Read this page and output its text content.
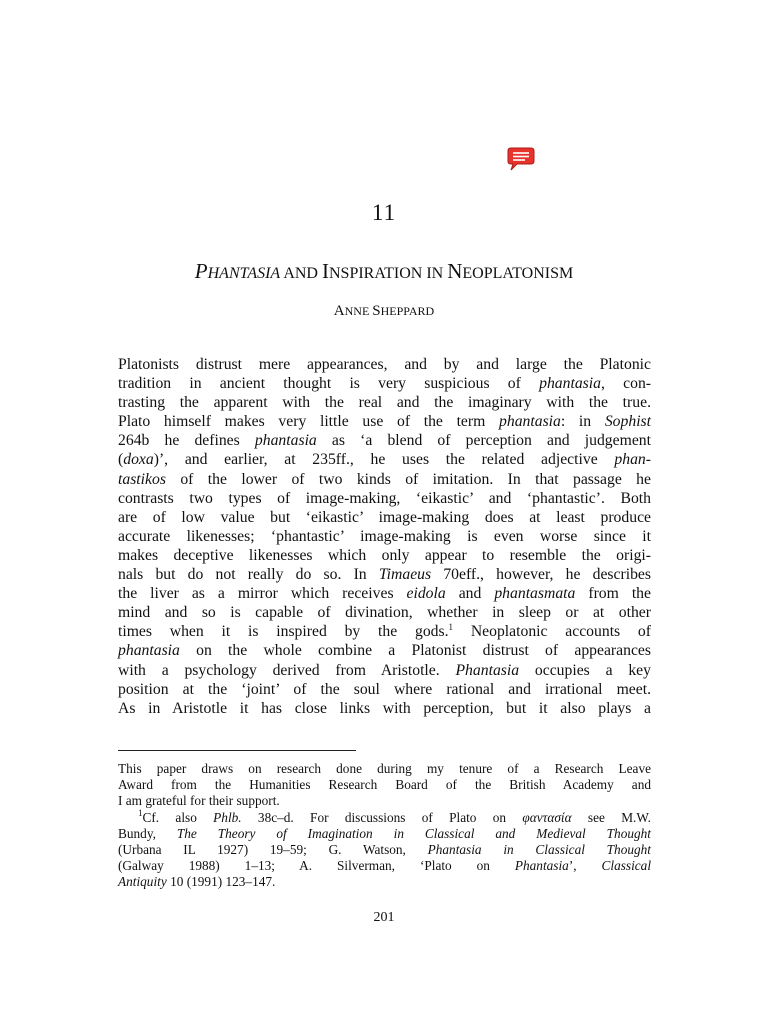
11
PHANTASIA AND INSPIRATION IN NEOPLATONISM
ANNE SHEPPARD
Platonists distrust mere appearances, and by and large the Platonic
tradition in ancient thought is very suspicious of phantasia, con-
trasting the apparent with the real and the imaginary with the true.
Plato himself makes very little use of the term phantasia: in Sophist
264b he defines phantasia as ‘a blend of perception and judgement
(doxa)’, and earlier, at 235ff., he uses the related adjective phan-
tastikos of the lower of two kinds of imitation. In that passage he
contrasts two types of image-making, ‘eikastic’ and ‘phantastic’. Both
are of low value but ‘eikastic’ image-making does at least produce
accurate likenesses; ‘phantastic’ image-making is even worse since it
makes deceptive likenesses which only appear to resemble the origi-
nals but do not really do so. In Timaeus 70eff., however, he describes
the liver as a mirror which receives eidola and phantasmata from the
mind and so is capable of divination, whether in sleep or at other
times when it is inspired by the gods.$^1$ Neoplatonic accounts of
phantasia on the whole combine a Platonist distrust of appearances
with a psychology derived from Aristotle. Phantasia occupies a key
position at the ‘joint’ of the soul where rational and irrational meet.
As in Aristotle it has close links with perception, but it also plays a
This paper draws on research done during my tenure of a Research Leave
Award from the Humanities Research Board of the British Academy and
I am grateful for their support.
$^1$Cf. also Phlb. 38c–d. For discussions of Plato on φαντασία see M.W.
Bundy, The Theory of Imagination in Classical and Medieval Thought
(Urbana IL 1927) 19–59; G. Watson, Phantasia in Classical Thought
(Galway 1988) 1–13; A. Silverman, ‘Plato on Phantasia’, Classical
Antiquity 10 (1991) 123–147.
201
